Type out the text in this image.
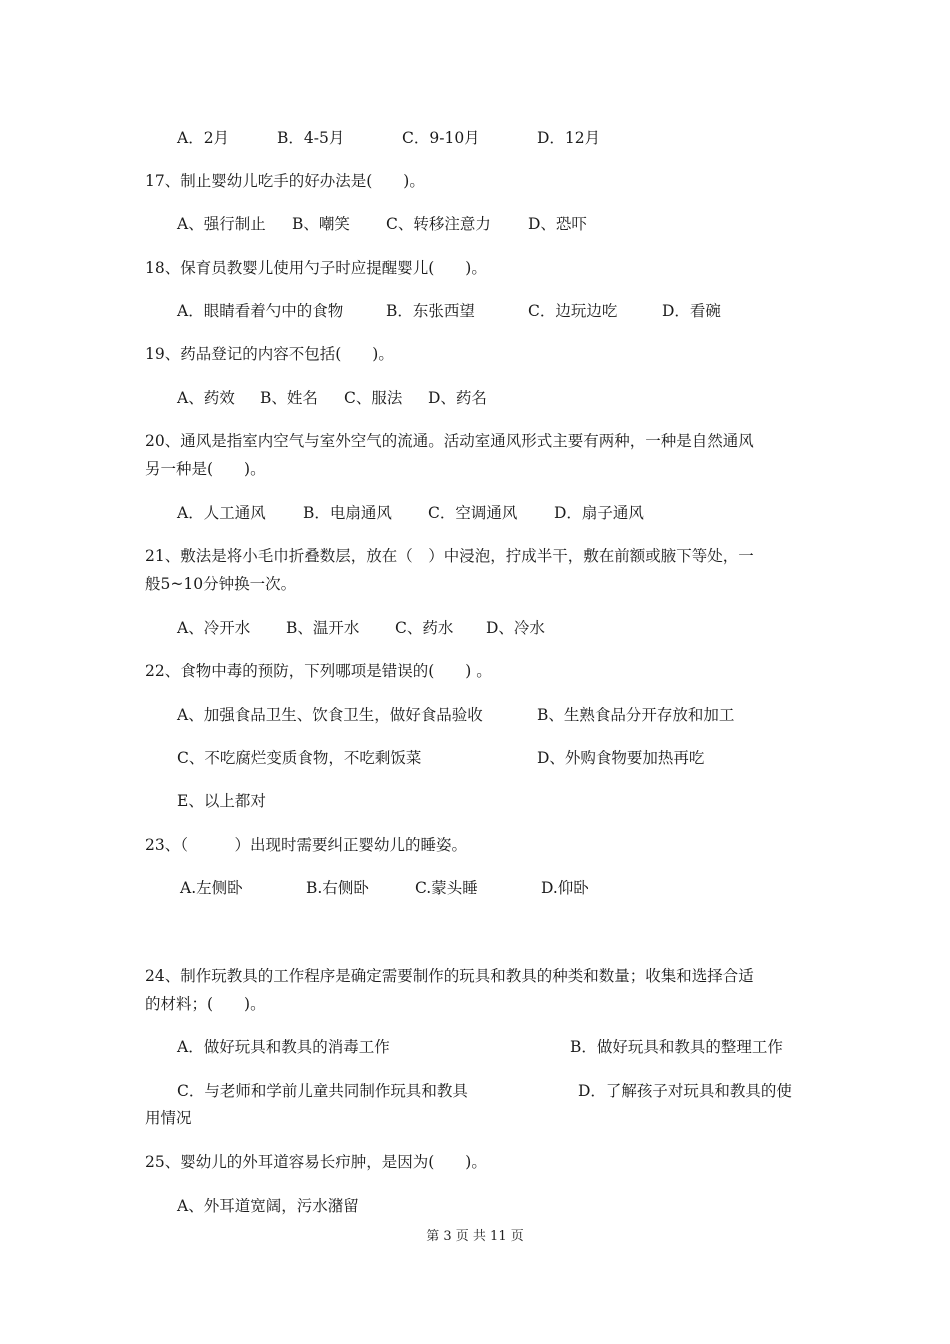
A．2月	B．4-5月	C．9-10月	D．12月
17、制止婴幼儿吃手的好办法是(　　)。
A、强行制止 B、嘲笑 C、转移注意力 D、恐吓
18、保育员教婴儿使用勺子时应提醒婴儿(　　)。
A．眼睛看着勺中的食物	B．东张西望	C．边玩边吃	D．看碗
19、药品登记的内容不包括(　　)。
A、药效 B、姓名 C、服法 D、药名
20、通风是指室内空气与室外空气的流通。活动室通风形式主要有两种，一种是自然通风
另一种是(　　)。
A．人工通风 B．电扇通风 C．空调通风 D．扇子通风
21、敷法是将小毛巾折叠数层，放在（　）中浸泡，拧成半干，敷在前额或腋下等处，一
般5~10分钟换一次。
A、冷开水 B、温开水 C、药水 D、冷水
22、食物中毒的预防，下列哪项是错误的(　　) 。
A、加强食品卫生、饮食卫生，做好食品验收	B、生熟食品分开存放和加工
C、不吃腐烂变质食物，不吃剩饭菜	D、外购食物要加热再吃
E、以上都对
23、（　　　）出现时需要纠正婴幼儿的睡姿。
A.左侧卧	B.右侧卧	C.蒙头睡	D.仰卧
24、制作玩教具的工作程序是确定需要制作的玩具和教具的种类和数量；收集和选择合适
的材料；(　　)。
A．做好玩具和教具的消毒工作	B．做好玩具和教具的整理工作
C．与老师和学前儿童共同制作玩具和教具	D．了解孩子对玩具和教具的使
用情况
25、婴幼儿的外耳道容易长疖肿，是因为(　　)。
A、外耳道宽阔，污水潴留
第 3 页 共 11 页
